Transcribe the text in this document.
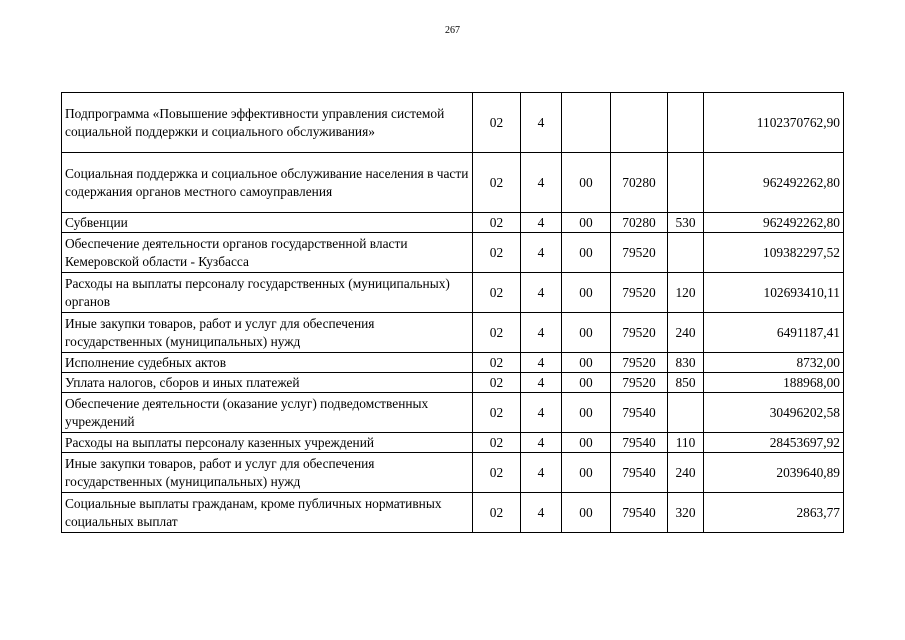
267
Подпрограмма «Повышение эффективности управления системой социальной поддержки и социального обслуживания»	02	4				1102370762,90
Социальная поддержка и социальное обслуживание населения в части содержания органов местного самоуправления	02	4	00	70280		962492262,80
Субвенции	02	4	00	70280	530	962492262,80
Обеспечение деятельности органов государственной власти Кемеровской области - Кузбасса	02	4	00	79520		109382297,52
Расходы на выплаты персоналу государственных (муниципальных) органов	02	4	00	79520	120	102693410,11
Иные закупки товаров, работ и услуг для обеспечения государственных (муниципальных) нужд	02	4	00	79520	240	6491187,41
Исполнение судебных актов	02	4	00	79520	830	8732,00
Уплата налогов, сборов и иных платежей	02	4	00	79520	850	188968,00
Обеспечение деятельности (оказание услуг) подведомственных учреждений	02	4	00	79540		30496202,58
Расходы на выплаты персоналу казенных учреждений	02	4	00	79540	110	28453697,92
Иные закупки товаров, работ и услуг для обеспечения государственных (муниципальных) нужд	02	4	00	79540	240	2039640,89
Социальные выплаты гражданам, кроме публичных нормативных социальных выплат	02	4	00	79540	320	2863,77
